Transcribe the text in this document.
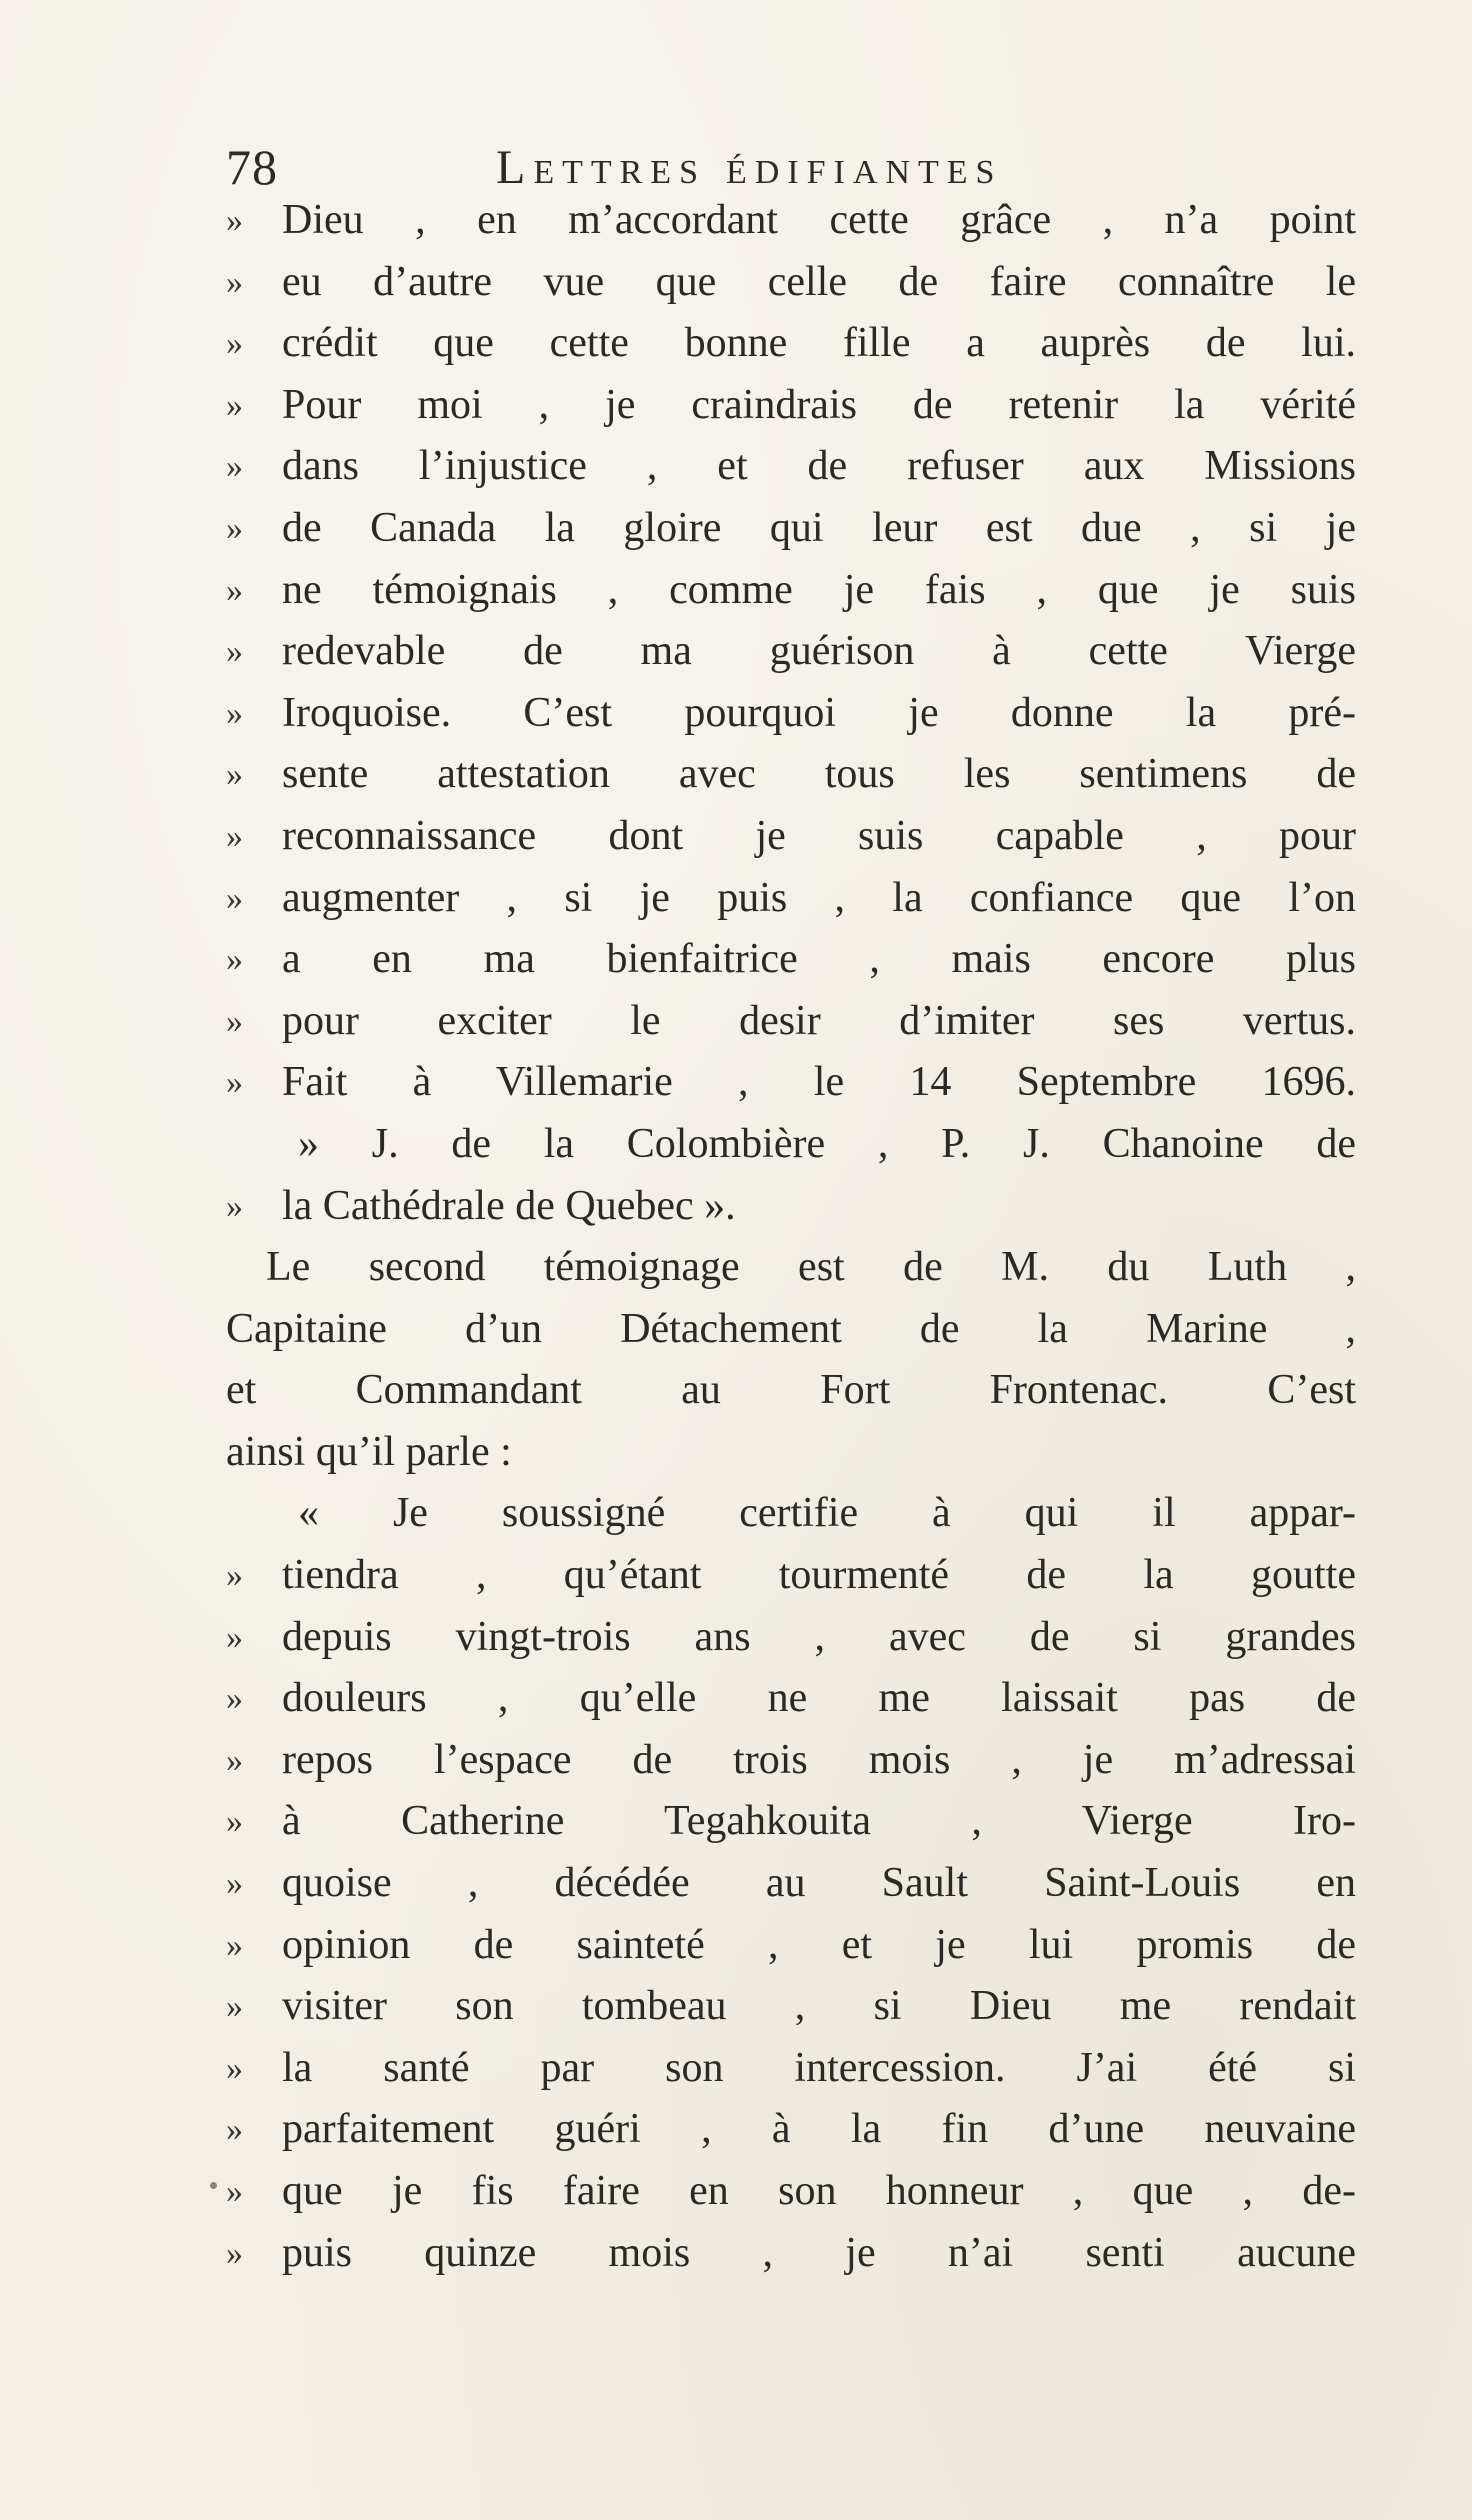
78	Lettres édifiantes
» Dieu , en m’accordant cette grâce , n’a point
» eu d’autre vue que celle de faire connaître le
» crédit que cette bonne fille a auprès de lui.
» Pour moi , je craindrais de retenir la vérité
» dans l’injustice , et de refuser aux Missions
» de Canada la gloire qui leur est due , si je
» ne témoignais , comme je fais , que je suis
» redevable de ma guérison à cette Vierge
» Iroquoise. C’est pourquoi je donne la pré-
» sente attestation avec tous les sentimens de
» reconnaissance dont je suis capable , pour
» augmenter , si je puis , la confiance que l’on
» a en ma bienfaitrice , mais encore plus
» pour exciter le desir d’imiter ses vertus.
» Fait à Villemarie , le 14 Septembre 1696.
» J. de la Colombière , P. J. Chanoine de
» la Cathédrale de Quebec ».
Le second témoignage est de M. du Luth ,
Capitaine d’un Détachement de la Marine ,
et Commandant au Fort Frontenac. C’est
ainsi qu’il parle :
« Je soussigné certifie à qui il appar-
» tiendra , qu’étant tourmenté de la goutte
» depuis vingt-trois ans , avec de si grandes
» douleurs , qu’elle ne me laissait pas de
» repos l’espace de trois mois , je m’adressai
» à Catherine Tegahkouita , Vierge Iro-
» quoise , décédée au Sault Saint-Louis en
» opinion de sainteté , et je lui promis de
» visiter son tombeau , si Dieu me rendait
» la santé par son intercession. J’ai été si
» parfaitement guéri , à la fin d’une neuvaine
» que je fis faire en son honneur , que , de-
» puis quinze mois , je n’ai senti aucune
